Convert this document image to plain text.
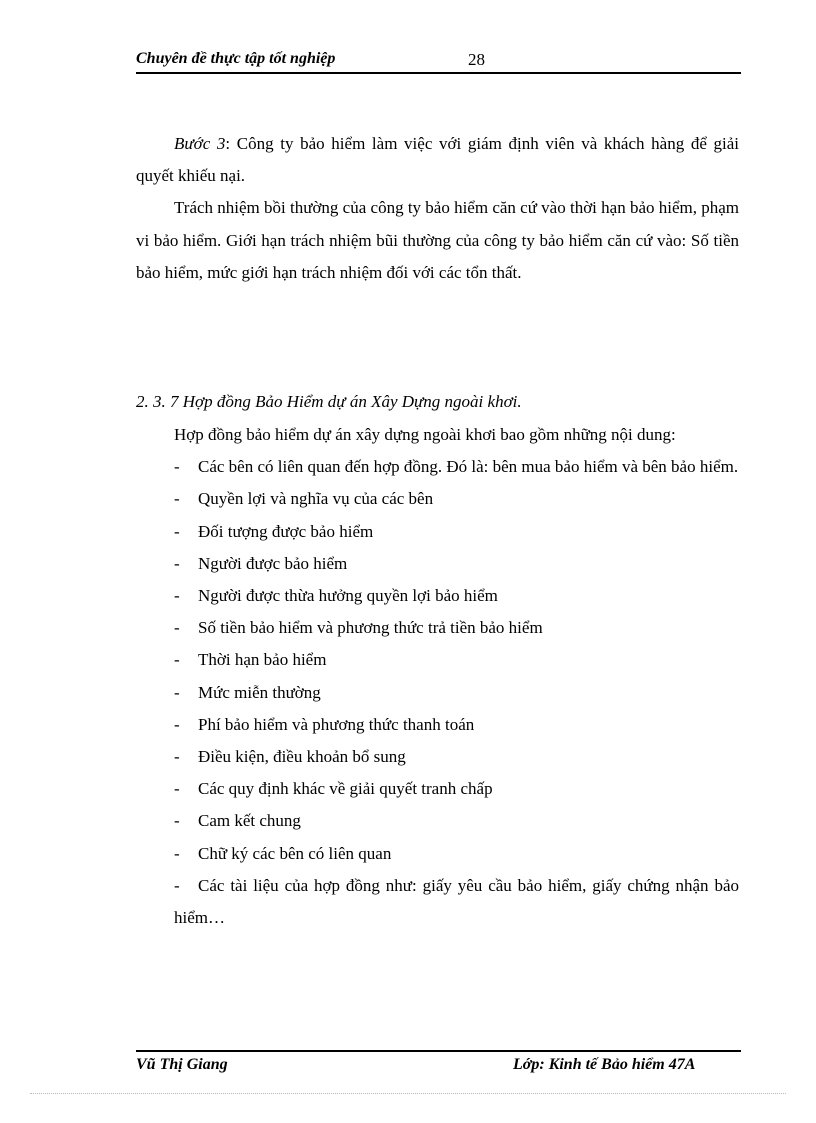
Chuyên đề thực tập tốt nghiệp	28

Bước 3: Công ty bảo hiểm làm việc với giám định viên và khách hàng để giải quyết khiếu nại.

Trách nhiệm bồi thường của công ty bảo hiểm căn cứ vào thời hạn bảo hiểm, phạm vi bảo hiểm. Giới hạn trách nhiệm bũi thường của công ty bảo hiểm căn cứ vào: Số tiền bảo hiểm, mức giới hạn trách nhiệm đối với các tổn thất.

2. 3. 7 Hợp đồng Bảo Hiểm dự án Xây Dựng ngoài khơi.

Hợp đồng bảo hiểm dự án xây dựng ngoài khơi bao gồm những nội dung:

- Các bên có liên quan đến hợp đồng. Đó là: bên mua bảo hiểm và bên bảo hiểm.

- Quyền lợi và nghĩa vụ của các bên

- Đối tượng được bảo hiểm

- Người được bảo hiểm

- Người được thừa hưởng quyền lợi bảo hiểm

- Số tiền bảo hiểm và phương thức trả tiền bảo hiểm

- Thời hạn bảo hiểm

- Mức miễn thường

- Phí bảo hiểm và phương thức thanh toán

- Điều kiện, điều khoản bổ sung

- Các quy định khác về giải quyết tranh chấp

- Cam kết chung

- Chữ ký các bên có liên quan

- Các tài liệu của hợp đồng như: giấy yêu cầu bảo hiểm, giấy chứng nhận bảo hiểm…

Vũ Thị Giang	Lớp: Kinh tế Bảo hiểm 47A
